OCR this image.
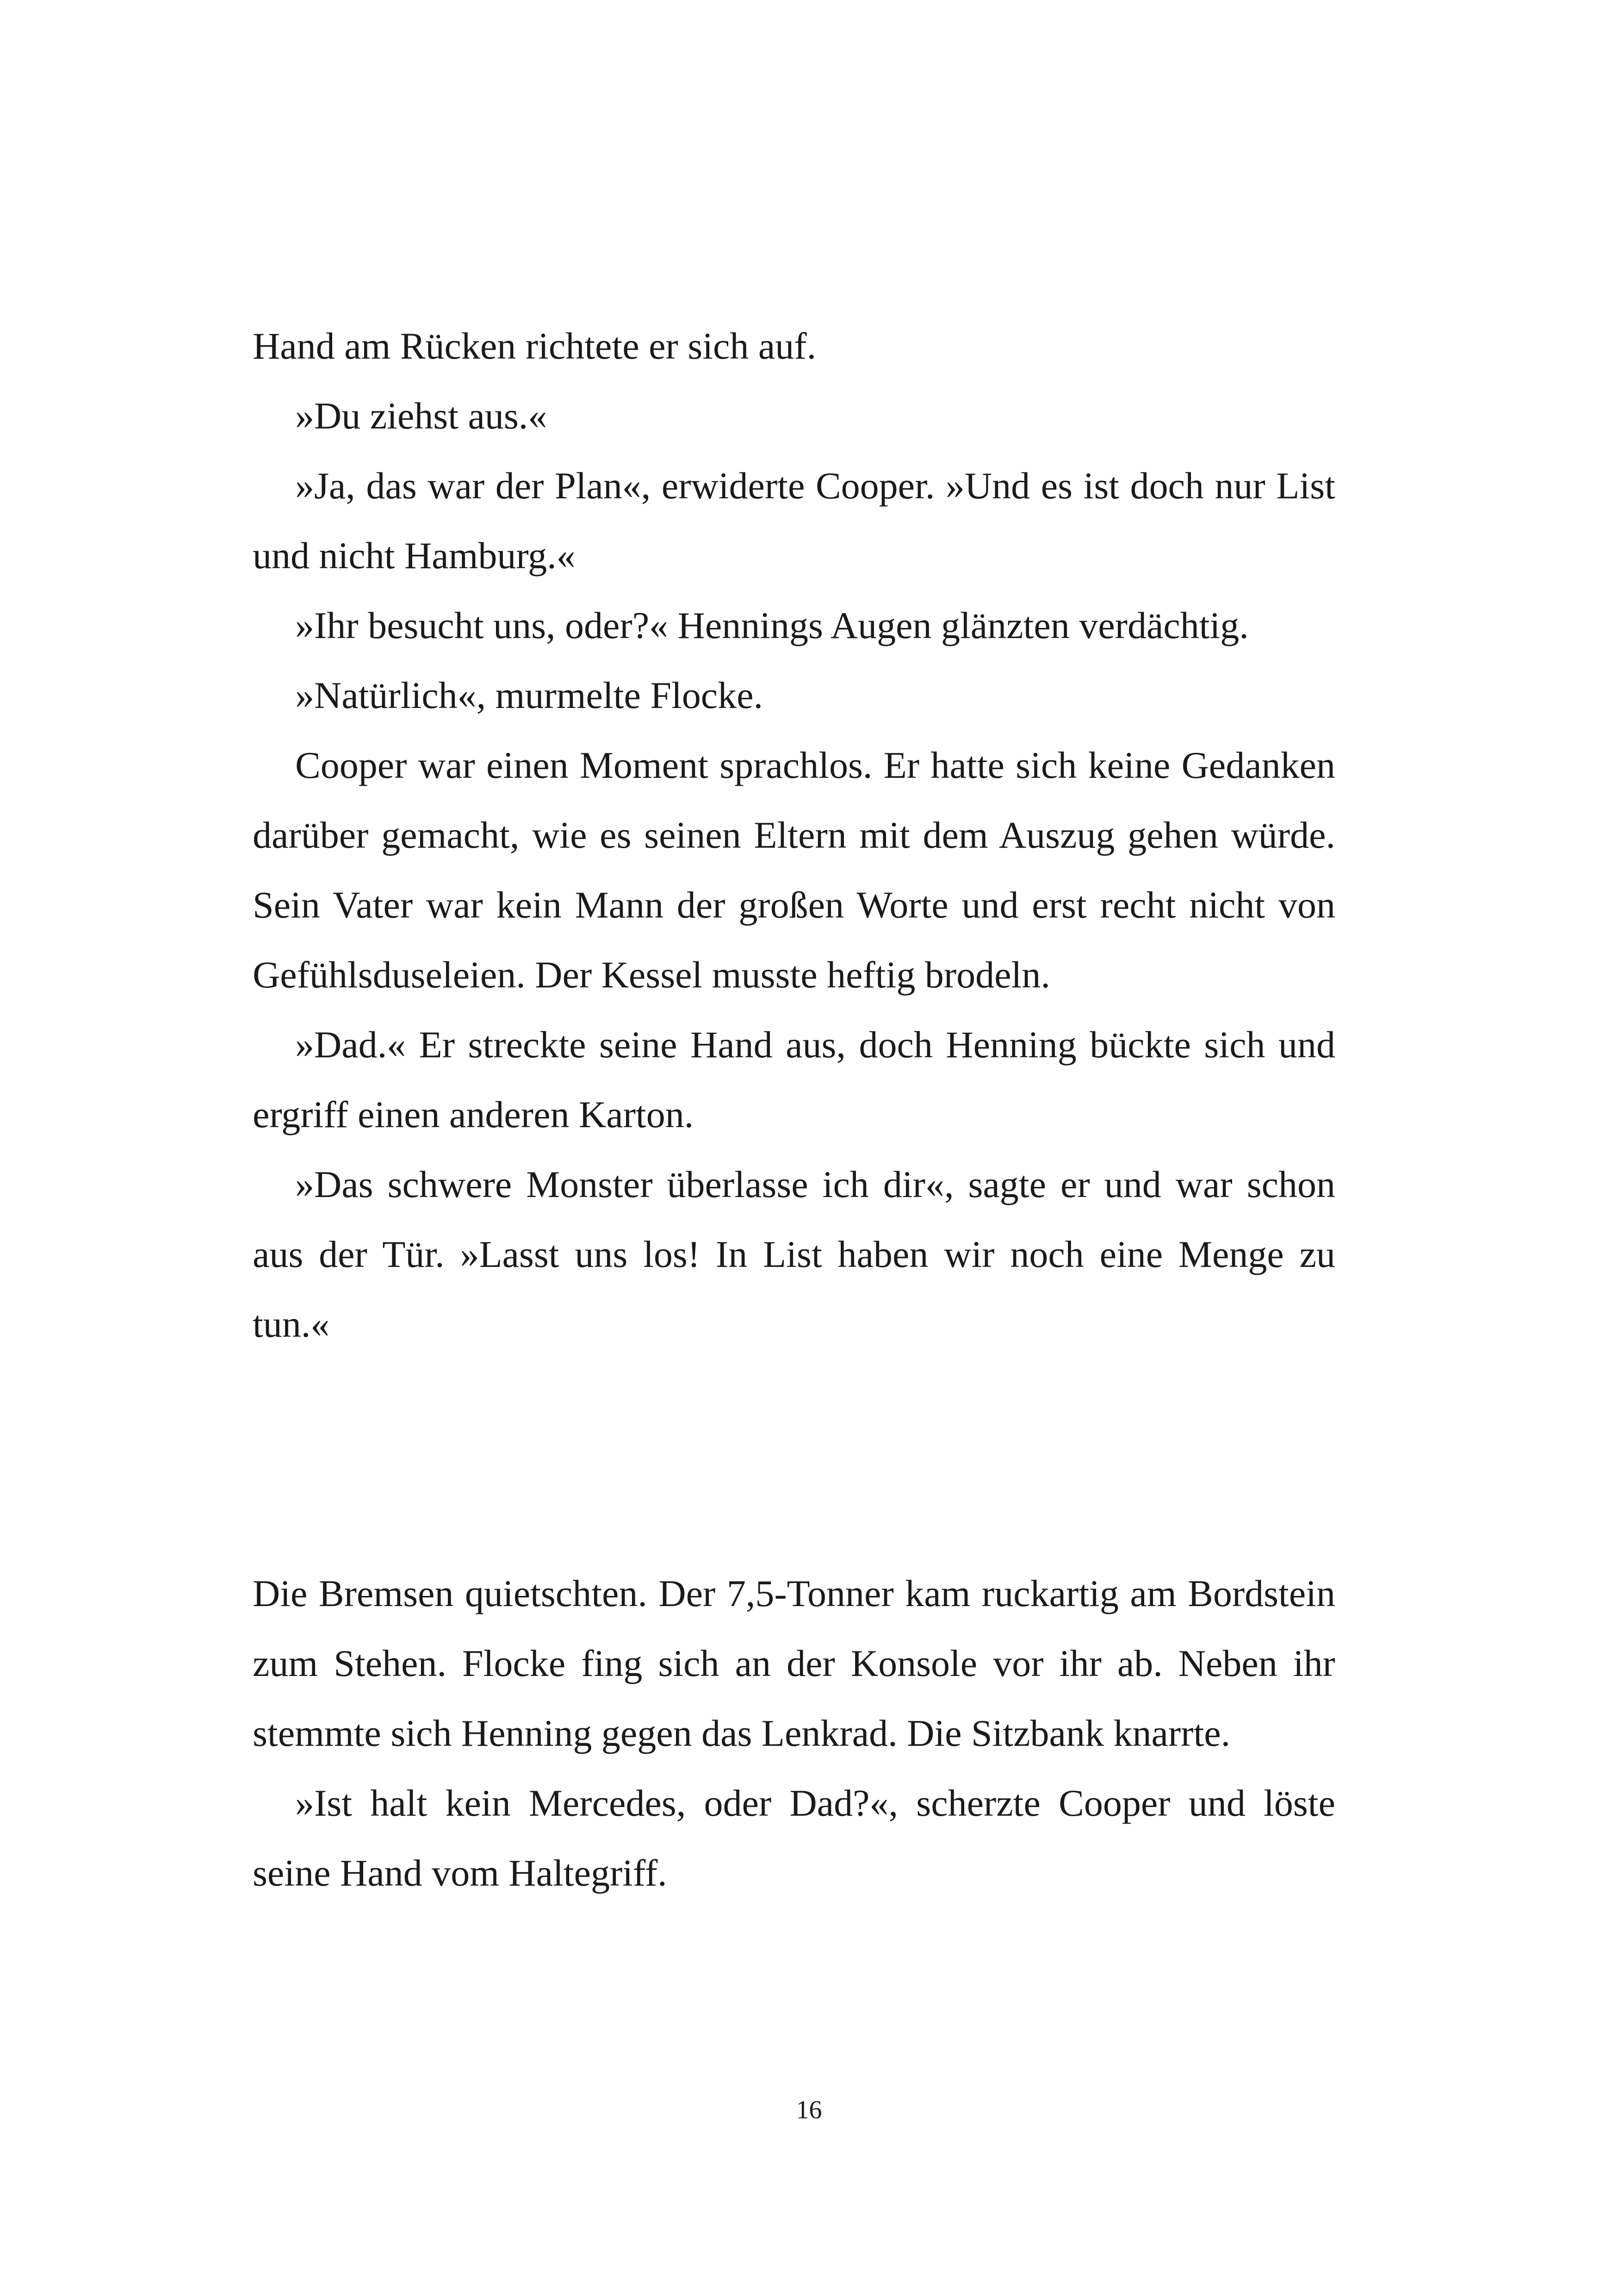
Hand am Rücken richtete er sich auf.

»Du ziehst aus.«

»Ja, das war der Plan«, erwiderte Cooper. »Und es ist doch nur List und nicht Hamburg.«

»Ihr besucht uns, oder?« Hennings Augen glänzten verdächtig.

»Natürlich«, murmelte Flocke.

Cooper war einen Moment sprachlos. Er hatte sich keine Gedanken darüber gemacht, wie es seinen Eltern mit dem Auszug gehen würde. Sein Vater war kein Mann der großen Worte und erst recht nicht von Gefühlsduseleien. Der Kessel musste heftig brodeln.

»Dad.« Er streckte seine Hand aus, doch Henning bückte sich und ergriff einen anderen Karton.

»Das schwere Monster überlasse ich dir«, sagte er und war schon aus der Tür. »Lasst uns los! In List haben wir noch eine Menge zu tun.«

Die Bremsen quietschten. Der 7,5-Tonner kam ruckartig am Bordstein zum Stehen. Flocke fing sich an der Konsole vor ihr ab. Neben ihr stemmte sich Henning gegen das Lenkrad. Die Sitzbank knarrte.

»Ist halt kein Mercedes, oder Dad?«, scherzte Cooper und löste seine Hand vom Haltegriff.

16
